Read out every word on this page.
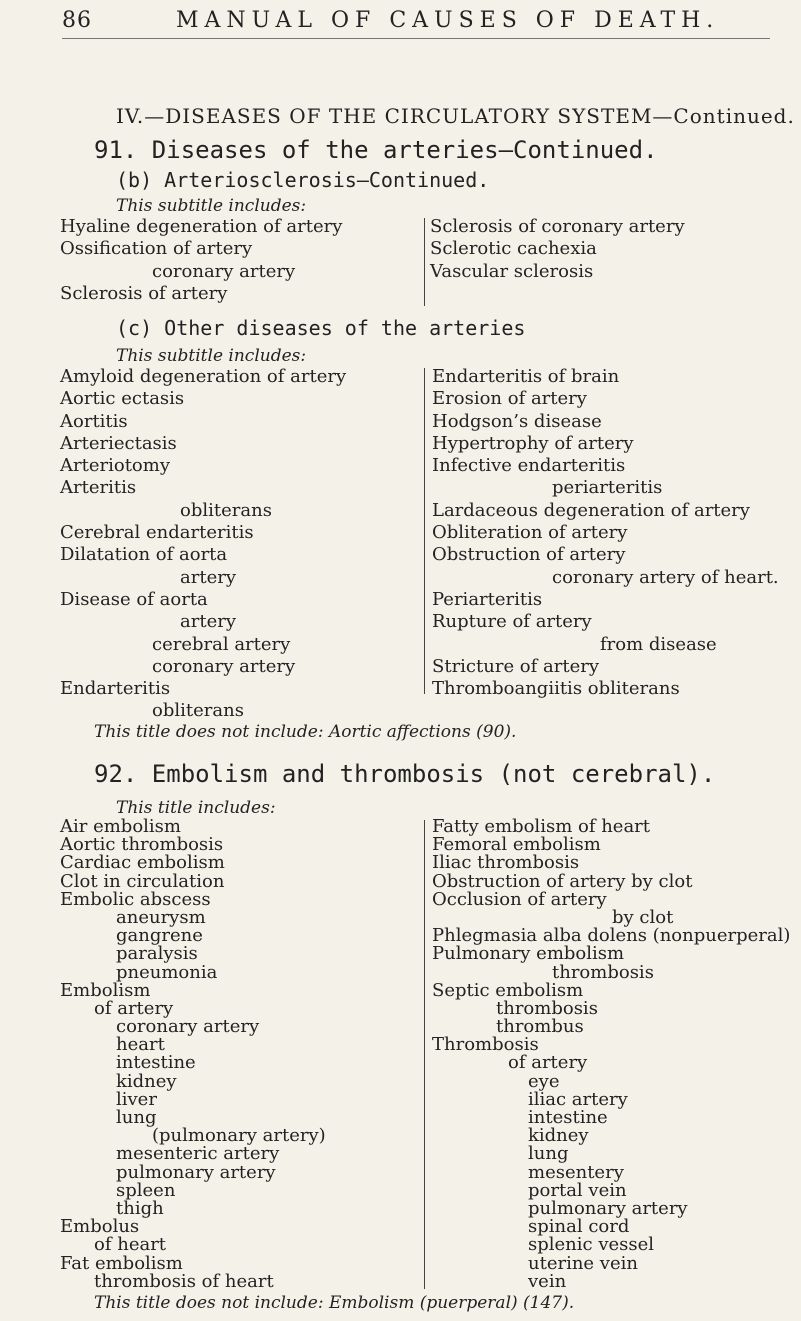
86	MANUAL OF CAUSES OF DEATH.
IV.—DISEASES OF THE CIRCULATORY SYSTEM—Continued.
91. Diseases of the arteries—Continued.
(b) Arteriosclerosis—Continued.
This subtitle includes:
Hyaline degeneration of artery
Ossification of artery
coronary artery
Sclerosis of artery
Sclerosis of coronary artery
Sclerotic cachexia
Vascular sclerosis
(c) Other diseases of the arteries
This subtitle includes:
Amyloid degeneration of artery
Aortic ectasis
Aortitis
Arteriectasis
Arteriotomy
Arteritis
obliterans
Cerebral endarteritis
Dilatation of aorta
artery
Disease of aorta
artery
cerebral artery
coronary artery
Endarteritis
obliterans
Endarteritis of brain
Erosion of artery
Hodgson’s disease
Hypertrophy of artery
Infective endarteritis
periarteritis
Lardaceous degeneration of artery
Obliteration of artery
Obstruction of artery
coronary artery of heart.
Periarteritis
Rupture of artery
from disease
Stricture of artery
Thromboangiitis obliterans
This title does not include: Aortic affections (90).
92. Embolism and thrombosis (not cerebral).
This title includes:
Air embolism
Aortic thrombosis
Cardiac embolism
Clot in circulation
Embolic abscess
aneurysm
gangrene
paralysis
pneumonia
Embolism
of artery
coronary artery
heart
intestine
kidney
liver
lung
(pulmonary artery)
mesenteric artery
pulmonary artery
spleen
thigh
Embolus
of heart
Fat embolism
thrombosis of heart
Fatty embolism of heart
Femoral embolism
Iliac thrombosis
Obstruction of artery by clot
Occlusion of artery
by clot
Phlegmasia alba dolens (nonpuerperal)
Pulmonary embolism
thrombosis
Septic embolism
thrombosis
thrombus
Thrombosis
of artery
eye
iliac artery
intestine
kidney
lung
mesentery
portal vein
pulmonary artery
spinal cord
splenic vessel
uterine vein
vein
This title does not include: Embolism (puerperal) (147).
